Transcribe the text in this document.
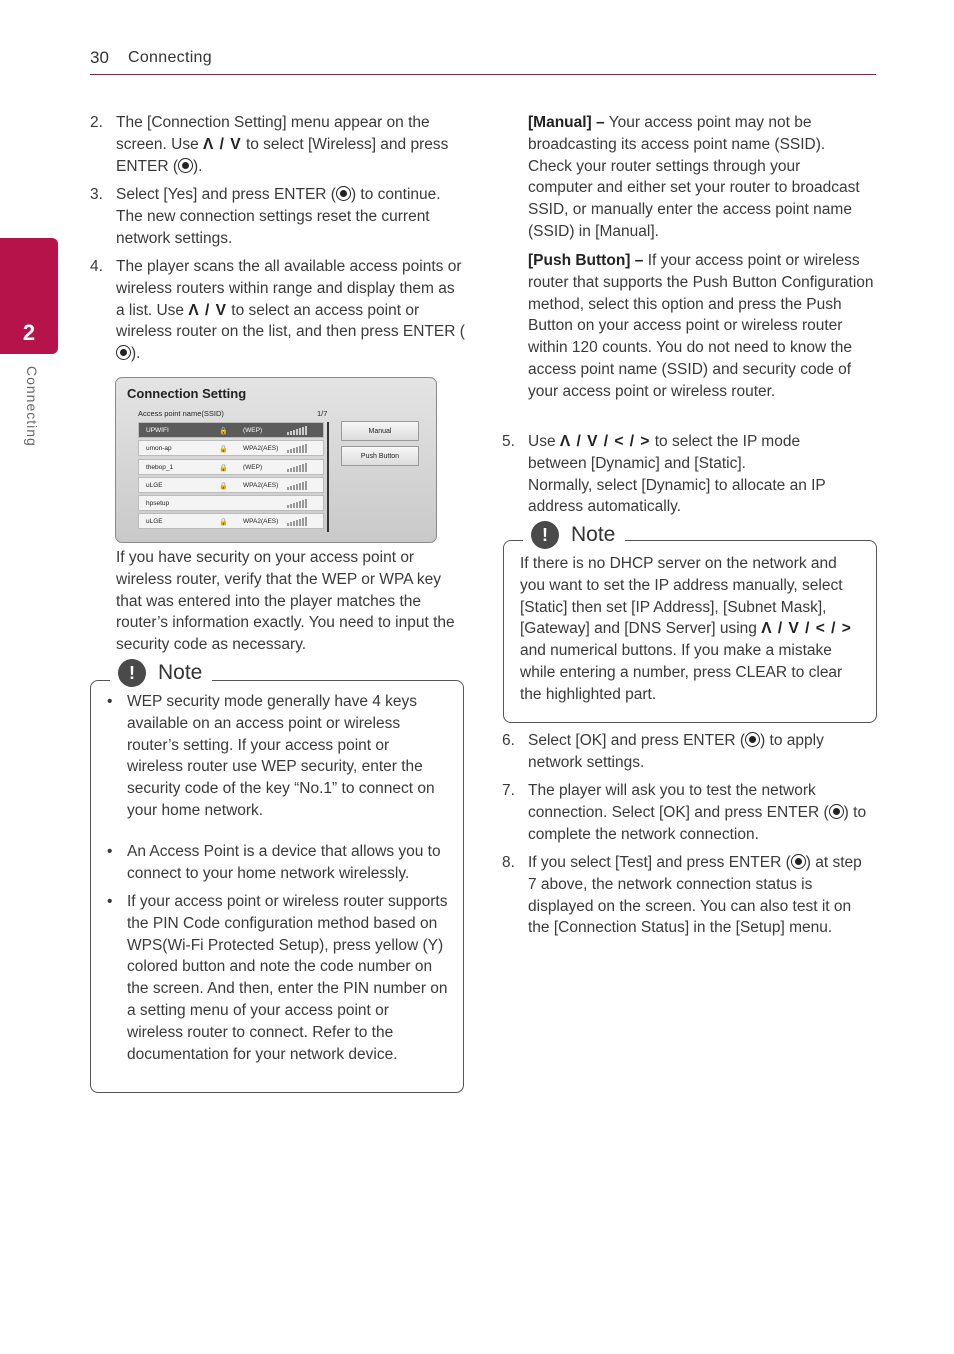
30 Connecting
2
Connecting
2. The [Connection Setting] menu appear on the screen. Use Λ / V to select [Wireless] and press ENTER ( ).
3. Select [Yes] and press ENTER ( ) to continue. The new connection settings reset the current network settings.
4. The player scans the all available access points or wireless routers within range and display them as a list. Use Λ / V to select an access point or wireless router on the list, and then press ENTER ().
If you have security on your access point or wireless router, verify that the WEP or WPA key that was entered into the player matches the router’s information exactly. You need to input the security code as necessary.
Connection Setting
Access point name(SSID)	1/7
UPWIFI	🔒 (WEP)
umon-ap	🔒 WPA2(AES)
thebop_1	🔒 (WEP)
uLGE	🔒 WPA2(AES)
hpsetup
uLGE	🔒 WPA2(AES)
Manual
Push Button
• WEP security mode generally have 4 keys available on an access point or wireless router’s setting. If your access point or wireless router use WEP security, enter the security code of the key “No.1” to connect on your home network.
• An Access Point is a device that allows you to connect to your home network wirelessly.
• If your access point or wireless router supports the PIN Code configuration method based on WPS(Wi-Fi Protected Setup), press yellow (Y) colored button and note the code number on the screen. And then, enter the PIN number on a setting menu of your access point or wireless router to connect. Refer to the documentation for your network device.
!	Note
[Manual] – Your access point may not be broadcasting its access point name (SSID). Check your router settings through your computer and either set your router to broadcast SSID, or manually enter the access point name (SSID) in [Manual].
[Push Button] – If your access point or wireless router that supports the Push Button Configuration method, select this option and press the Push Button on your access point or wireless router within 120 counts. You do not need to know the access point name (SSID) and security code of your access point or wireless router.
5. Use Λ / V / < / > to select the IP mode between [Dynamic] and [Static].
Normally, select [Dynamic] to allocate an IP address automatically.
If there is no DHCP server on the network and you want to set the IP address manually, select [Static] then set [IP Address], [Subnet Mask], [Gateway] and [DNS Server] using Λ / V / < / > and numerical buttons. If you make a mistake while entering a number, press CLEAR to clear the highlighted part.
!	Note
6. Select [OK] and press ENTER ( ) to apply network settings.
7. The player will ask you to test the network connection. Select [OK] and press ENTER ( ) to complete the network connection.
8. If you select [Test] and press ENTER ( ) at step 7 above, the network connection status is displayed on the screen. You can also test it on the [Connection Status] in the [Setup] menu.
